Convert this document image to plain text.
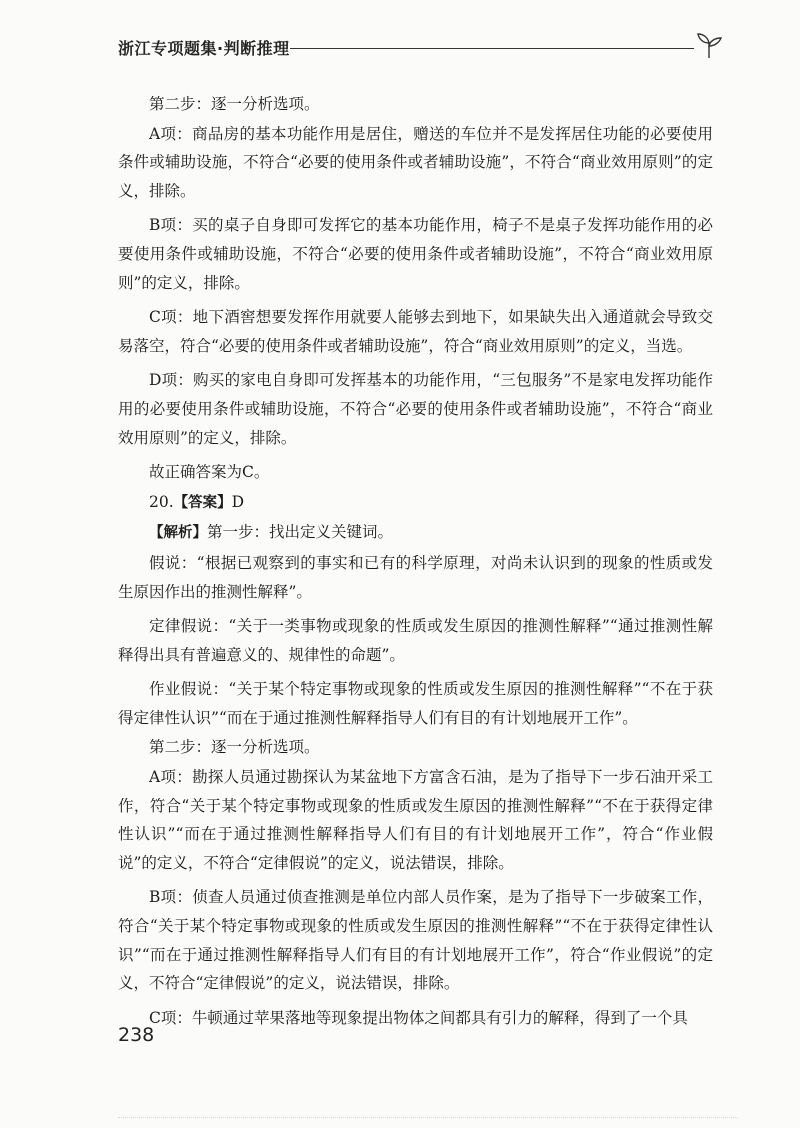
浙江专项题集·判断推理

第二步：逐一分析选项。

A项：商品房的基本功能作用是居住，赠送的车位并不是发挥居住功能的必要使用条件或辅助设施，不符合“必要的使用条件或者辅助设施”，不符合“商业效用原则”的定义，排除。

B项：买的桌子自身即可发挥它的基本功能作用，椅子不是桌子发挥功能作用的必要使用条件或辅助设施，不符合“必要的使用条件或者辅助设施”，不符合“商业效用原则”的定义，排除。

C项：地下酒窖想要发挥作用就要人能够去到地下，如果缺失出入通道就会导致交易落空，符合“必要的使用条件或者辅助设施”，符合“商业效用原则”的定义，当选。

D项：购买的家电自身即可发挥基本的功能作用，“三包服务”不是家电发挥功能作用的必要使用条件或辅助设施，不符合“必要的使用条件或者辅助设施”，不符合“商业效用原则”的定义，排除。

故正确答案为C。

20.【答案】D

【解析】第一步：找出定义关键词。

假说：“根据已观察到的事实和已有的科学原理，对尚未认识到的现象的性质或发生原因作出的推测性解释”。

定律假说：“关于一类事物或现象的性质或发生原因的推测性解释”“通过推测性解释得出具有普遍意义的、规律性的命题”。

作业假说：“关于某个特定事物或现象的性质或发生原因的推测性解释”“不在于获得定律性认识”“而在于通过推测性解释指导人们有目的有计划地展开工作”。

第二步：逐一分析选项。

A项：勘探人员通过勘探认为某盆地下方富含石油，是为了指导下一步石油开采工作，符合“关于某个特定事物或现象的性质或发生原因的推测性解释”“不在于获得定律性认识”“而在于通过推测性解释指导人们有目的有计划地展开工作”，符合“作业假说”的定义，不符合“定律假说”的定义，说法错误，排除。

B项：侦查人员通过侦查推测是单位内部人员作案，是为了指导下一步破案工作，符合“关于某个特定事物或现象的性质或发生原因的推测性解释”“不在于获得定律性认识”“而在于通过推测性解释指导人们有目的有计划地展开工作”，符合“作业假说”的定义，不符合“定律假说”的定义，说法错误，排除。

C项：牛顿通过苹果落地等现象提出物体之间都具有引力的解释，得到了一个具

238
